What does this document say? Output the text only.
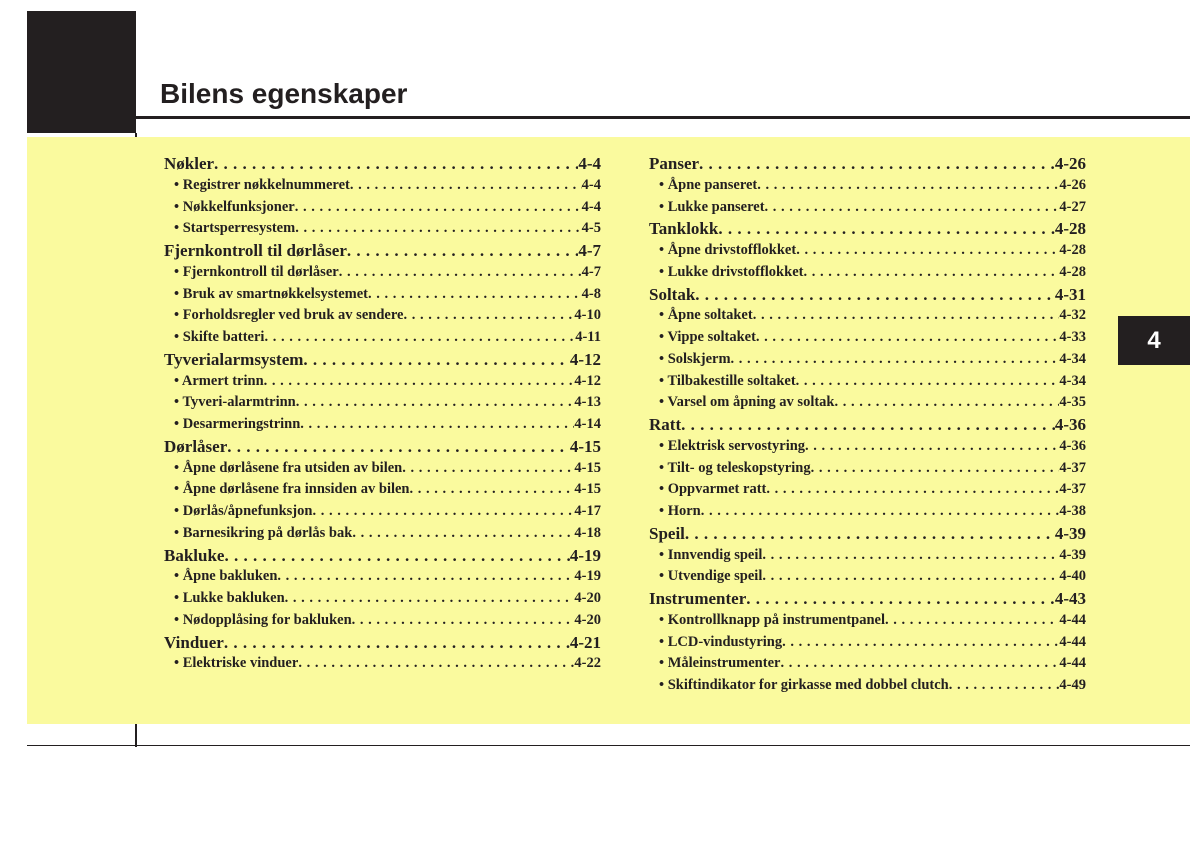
Bilens egenskaper
4
Nøkler . . .	4-4
• Registrer nøkkelnummeret . . .	4-4
• Nøkkelfunksjoner . . .	4-4
• Startsperresystem . . .	4-5
Fjernkontroll til dørlåser . . .	4-7
• Fjernkontroll til dørlåser . . .	4-7
• Bruk av smartnøkkelsystemet . . .	4-8
• Forholdsregler ved bruk av sendere . . .	4-10
• Skifte batteri . . .	4-11
Tyverialarmsystem . . .	4-12
• Armert trinn . . .	4-12
• Tyveri-alarmtrinn . . .	4-13
• Desarmeringstrinn . . .	4-14
Dørlåser . . .	4-15
• Åpne dørlåsene fra utsiden av bilen . . .	4-15
• Åpne dørlåsene fra innsiden av bilen . . .	4-15
• Dørlås/åpnefunksjon . . .	4-17
• Barnesikring på dørlås bak . . .	4-18
Bakluke . . .	4-19
• Åpne bakluken . . .	4-19
• Lukke bakluken . . .	4-20
• Nødopplåsing for bakluken . . .	4-20
Vinduer . . .	4-21
• Elektriske vinduer . . .	4-22
Panser . . .	4-26
• Åpne panseret . . .	4-26
• Lukke panseret . . .	4-27
Tanklokk . . .	4-28
• Åpne drivstofflokket . . .	4-28
• Lukke drivstofflokket . . .	4-28
Soltak . . .	4-31
• Åpne soltaket . . .	4-32
• Vippe soltaket . . .	4-33
• Solskjerm . . .	4-34
• Tilbakestille soltaket . . .	4-34
• Varsel om åpning av soltak . . .	4-35
Ratt . . .	4-36
• Elektrisk servostyring . . .	4-36
• Tilt- og teleskopstyring . . .	4-37
• Oppvarmet ratt . . .	4-37
• Horn . . .	4-38
Speil . . .	4-39
• Innvendig speil . . .	4-39
• Utvendige speil . . .	4-40
Instrumenter . . .	4-43
• Kontrollknapp på instrumentpanel . . .	4-44
• LCD-vindustyring . . .	4-44
• Måleinstrumenter . . .	4-44
• Skiftindikator for girkasse med dobbel clutch . . .	4-49
